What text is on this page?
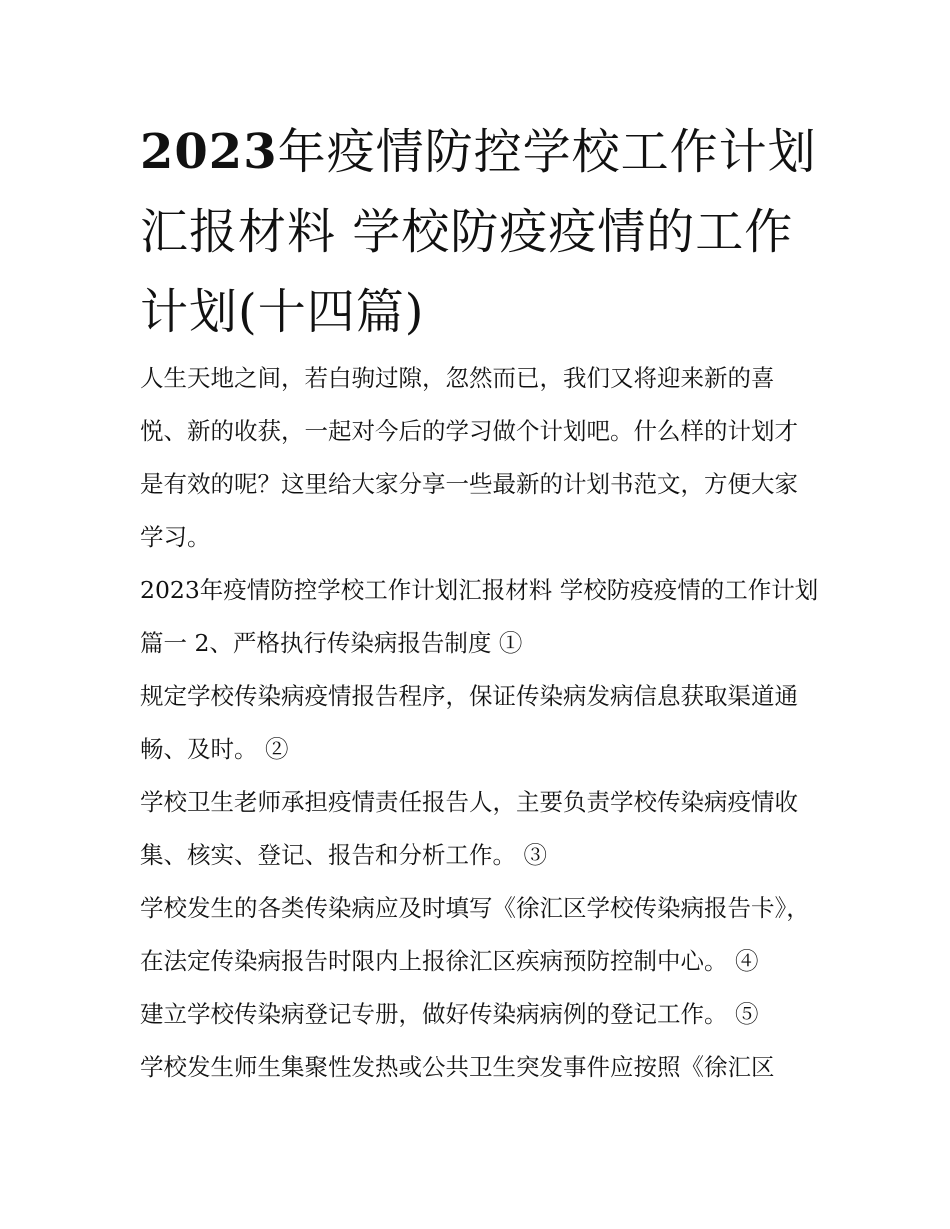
2023年疫情防控学校工作计划汇报材料 学校防疫疫情的工作计划(十四篇)

人生天地之间，若白驹过隙，忽然而已，我们又将迎来新的喜悦、新的收获，一起对今后的学习做个计划吧。什么样的计划才是有效的呢？这里给大家分享一些最新的计划书范文，方便大家学习。

2023年疫情防控学校工作计划汇报材料 学校防疫疫情的工作计划篇一 2、严格执行传染病报告制度 ①

规定学校传染病疫情报告程序，保证传染病发病信息获取渠道通畅、及时。 ②

学校卫生老师承担疫情责任报告人，主要负责学校传染病疫情收集、核实、登记、报告和分析工作。 ③

学校发生的各类传染病应及时填写《徐汇区学校传染病报告卡》，在法定传染病报告时限内上报徐汇区疾病预防控制中心。 ④

建立学校传染病登记专册，做好传染病病例的登记工作。 ⑤

学校发生师生集聚性发热或公共卫生突发事件应按照《徐汇区
